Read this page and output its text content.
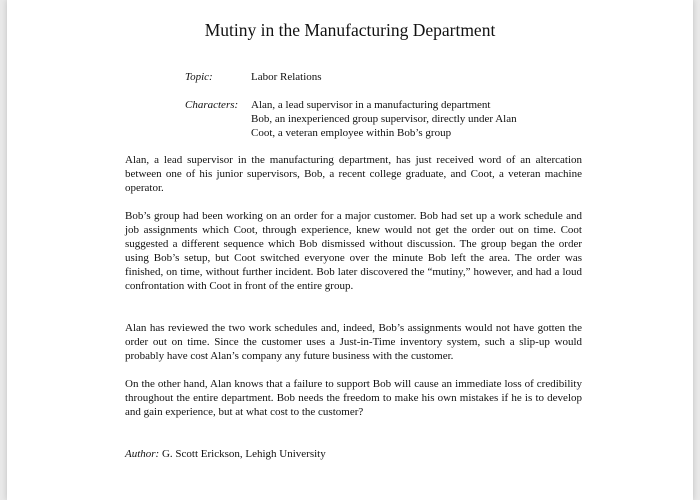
Mutiny in the Manufacturing Department
Topic:	Labor Relations
Characters: Alan, a lead supervisor in a manufacturing department
Bob, an inexperienced group supervisor, directly under Alan
Coot, a veteran employee within Bob’s group

Alan, a lead supervisor in the manufacturing department, has just received word of an altercation between one of his junior supervisors, Bob, a recent college graduate, and Coot, a veteran machine operator.

Bob’s group had been working on an order for a major customer. Bob had set up a work schedule and job assignments which Coot, through experience, knew would not get the order out on time. Coot suggested a different sequence which Bob dismissed without discussion. The group began the order using Bob’s setup, but Coot switched everyone over the minute Bob left the area. The order was finished, on time, without further incident. Bob later discovered the “mutiny,” however, and had a loud confrontation with Coot in front of the entire group.

Alan has reviewed the two work schedules and, indeed, Bob’s assignments would not have gotten the order out on time. Since the customer uses a Just-in-Time inventory system, such a slip-up would probably have cost Alan’s company any future business with the customer.

On the other hand, Alan knows that a failure to support Bob will cause an immediate loss of credibility throughout the entire department. Bob needs the freedom to make his own mistakes if he is to develop and gain experience, but at what cost to the customer?

Author: G. Scott Erickson, Lehigh University
